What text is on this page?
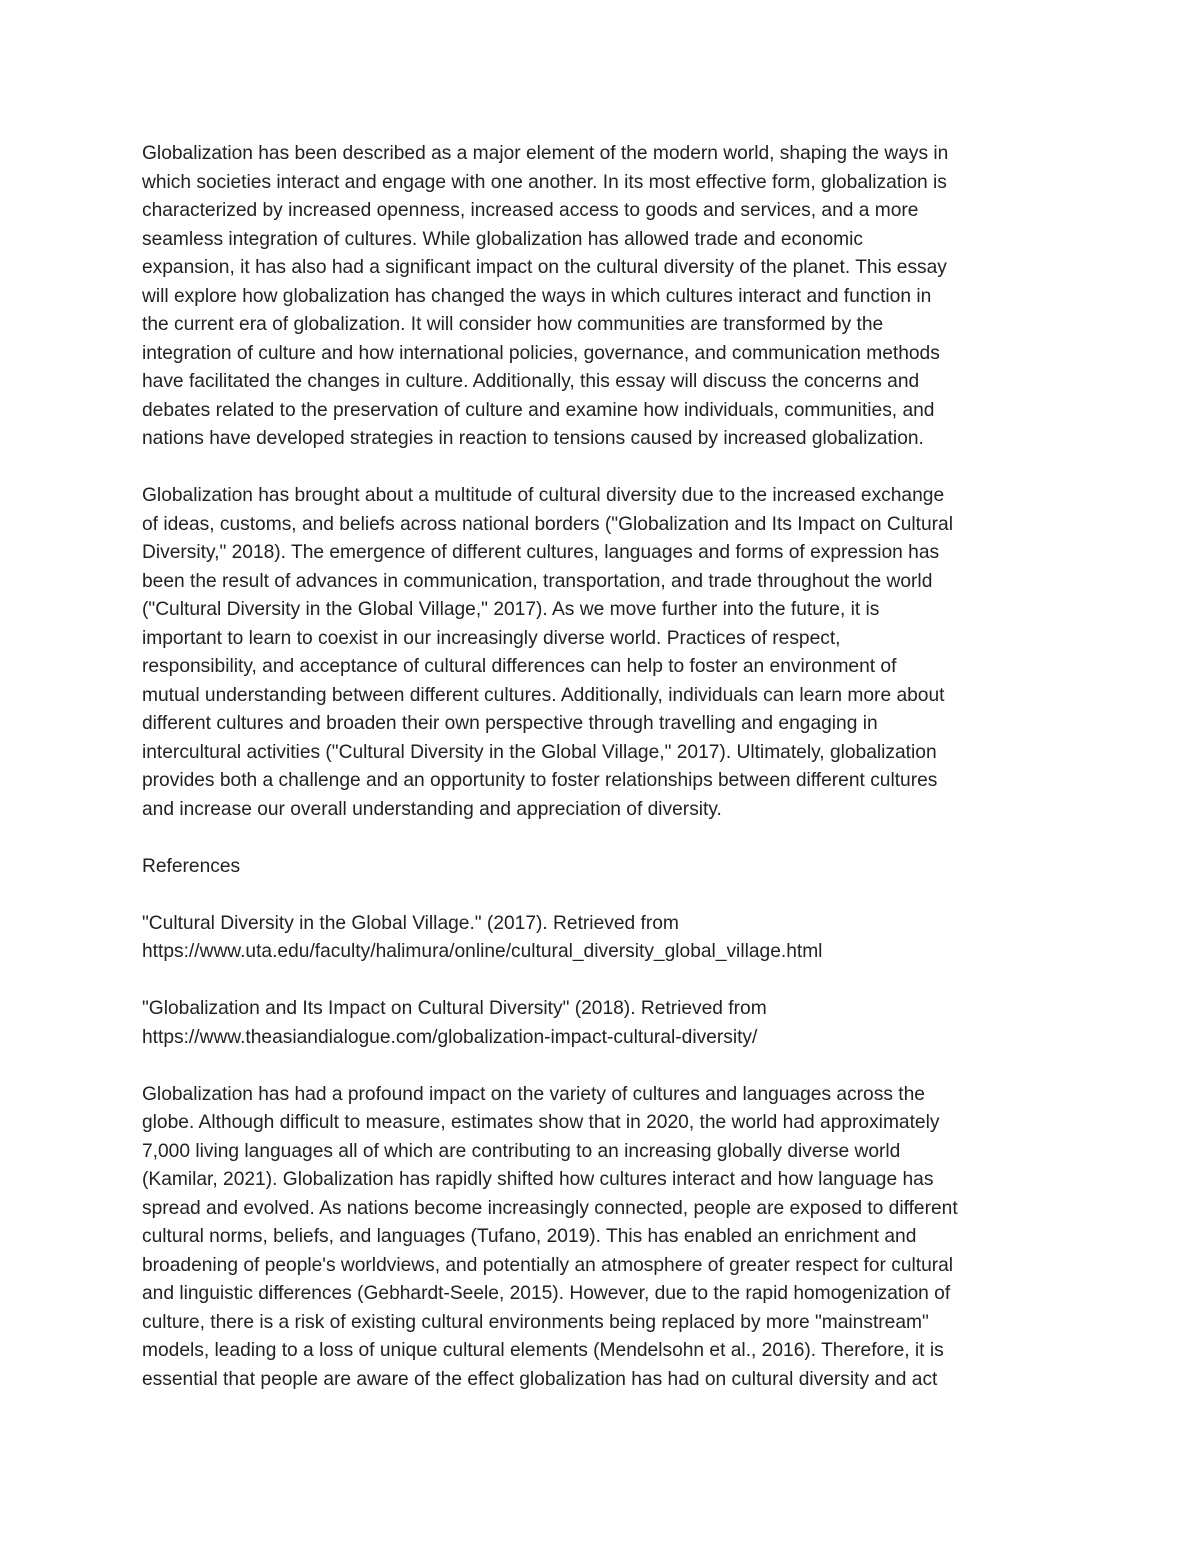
Globalization has been described as a major element of the modern world, shaping the ways in
which societies interact and engage with one another. In its most effective form, globalization is
characterized by increased openness, increased access to goods and services, and a more
seamless integration of cultures. While globalization has allowed trade and economic
expansion, it has also had a significant impact on the cultural diversity of the planet. This essay
will explore how globalization has changed the ways in which cultures interact and function in
the current era of globalization. It will consider how communities are transformed by the
integration of culture and how international policies, governance, and communication methods
have facilitated the changes in culture. Additionally, this essay will discuss the concerns and
debates related to the preservation of culture and examine how individuals, communities, and
nations have developed strategies in reaction to tensions caused by increased globalization.

Globalization has brought about a multitude of cultural diversity due to the increased exchange
of ideas, customs, and beliefs across national borders ("Globalization and Its Impact on Cultural
Diversity," 2018). The emergence of different cultures, languages and forms of expression has
been the result of advances in communication, transportation, and trade throughout the world
("Cultural Diversity in the Global Village," 2017). As we move further into the future, it is
important to learn to coexist in our increasingly diverse world. Practices of respect,
responsibility, and acceptance of cultural differences can help to foster an environment of
mutual understanding between different cultures. Additionally, individuals can learn more about
different cultures and broaden their own perspective through travelling and engaging in
intercultural activities ("Cultural Diversity in the Global Village," 2017). Ultimately, globalization
provides both a challenge and an opportunity to foster relationships between different cultures
and increase our overall understanding and appreciation of diversity.

References

"Cultural Diversity in the Global Village." (2017). Retrieved from
https://www.uta.edu/faculty/halimura/online/cultural_diversity_global_village.html

"Globalization and Its Impact on Cultural Diversity" (2018). Retrieved from
https://www.theasiandialogue.com/globalization-impact-cultural-diversity/

Globalization has had a profound impact on the variety of cultures and languages across the
globe. Although difficult to measure, estimates show that in 2020, the world had approximately
7,000 living languages all of which are contributing to an increasing globally diverse world
(Kamilar, 2021). Globalization has rapidly shifted how cultures interact and how language has
spread and evolved. As nations become increasingly connected, people are exposed to different
cultural norms, beliefs, and languages (Tufano, 2019). This has enabled an enrichment and
broadening of people's worldviews, and potentially an atmosphere of greater respect for cultural
and linguistic differences (Gebhardt-Seele, 2015). However, due to the rapid homogenization of
culture, there is a risk of existing cultural environments being replaced by more "mainstream"
models, leading to a loss of unique cultural elements (Mendelsohn et al., 2016). Therefore, it is
essential that people are aware of the effect globalization has had on cultural diversity and act
